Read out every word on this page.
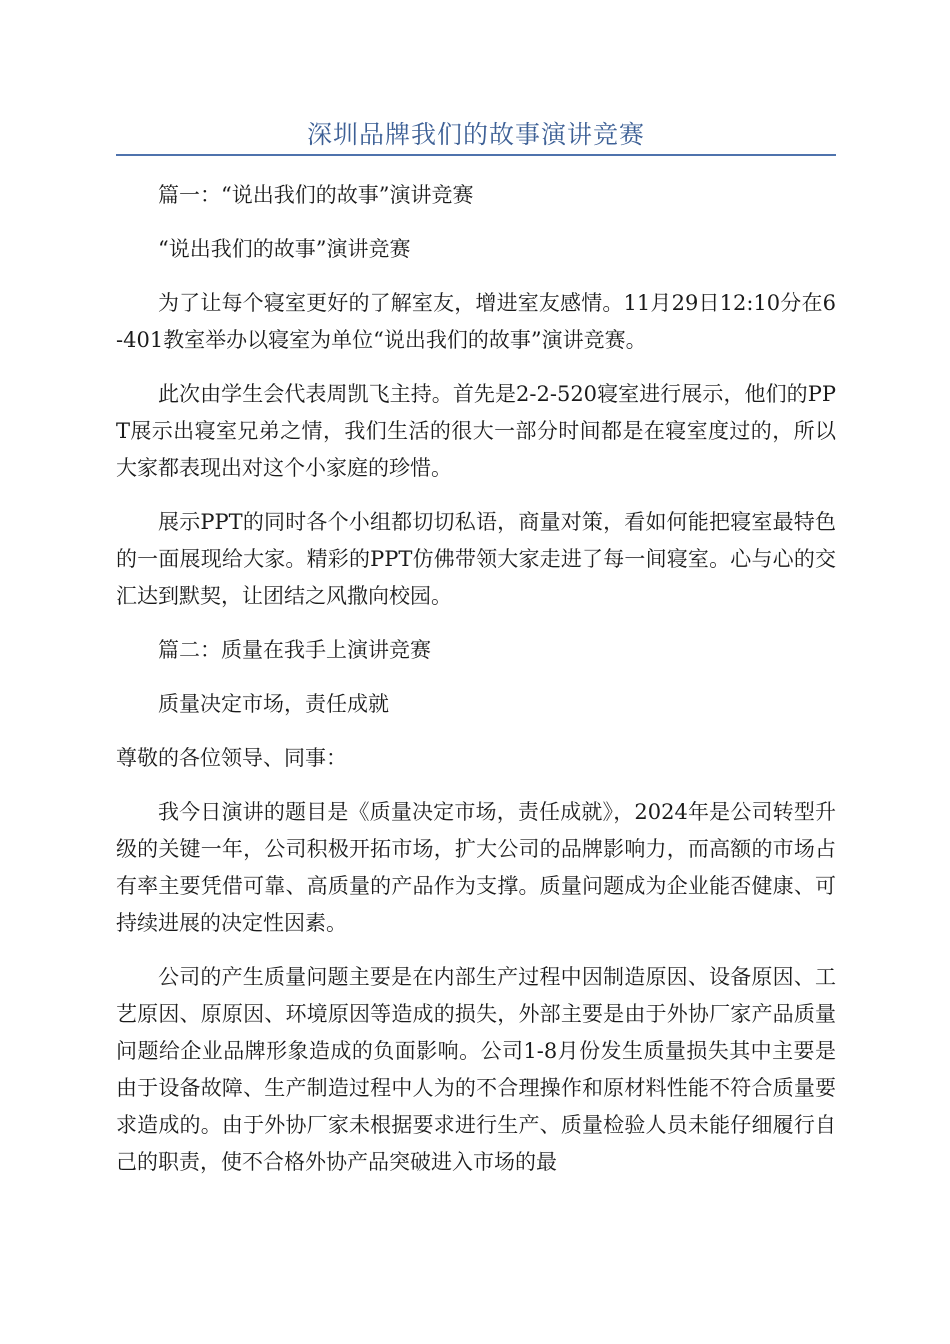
深圳品牌我们的故事演讲竞赛

篇一：“说出我们的故事”演讲竞赛

“说出我们的故事”演讲竞赛

为了让每个寝室更好的了解室友，增进室友感情。11月29日12:10分在6-401教室举办以寝室为单位“说出我们的故事”演讲竞赛。

此次由学生会代表周凯飞主持。首先是2-2-520寝室进行展示，他们的PPT展示出寝室兄弟之情，我们生活的很大一部分时间都是在寝室度过的，所以大家都表现出对这个小家庭的珍惜。

展示PPT的同时各个小组都切切私语，商量对策，看如何能把寝室最特色的一面展现给大家。精彩的PPT仿佛带领大家走进了每一间寝室。心与心的交汇达到默契，让团结之风撒向校园。

篇二：质量在我手上演讲竞赛

质量决定市场，责任成就

尊敬的各位领导、同事：

我今日演讲的题目是《质量决定市场，责任成就》，2024年是公司转型升级的关键一年，公司积极开拓市场，扩大公司的品牌影响力，而高额的市场占有率主要凭借可靠、高质量的产品作为支撑。质量问题成为企业能否健康、可持续进展的决定性因素。

公司的产生质量问题主要是在内部生产过程中因制造原因、设备原因、工艺原因、原原因、环境原因等造成的损失，外部主要是由于外协厂家产品质量问题给企业品牌形象造成的负面影响。公司1-8月份发生质量损失其中主要是由于设备故障、生产制造过程中人为的不合理操作和原材料性能不符合质量要求造成的。由于外协厂家未根据要求进行生产、质量检验人员未能仔细履行自己的职责，使不合格外协产品突破进入市场的最
